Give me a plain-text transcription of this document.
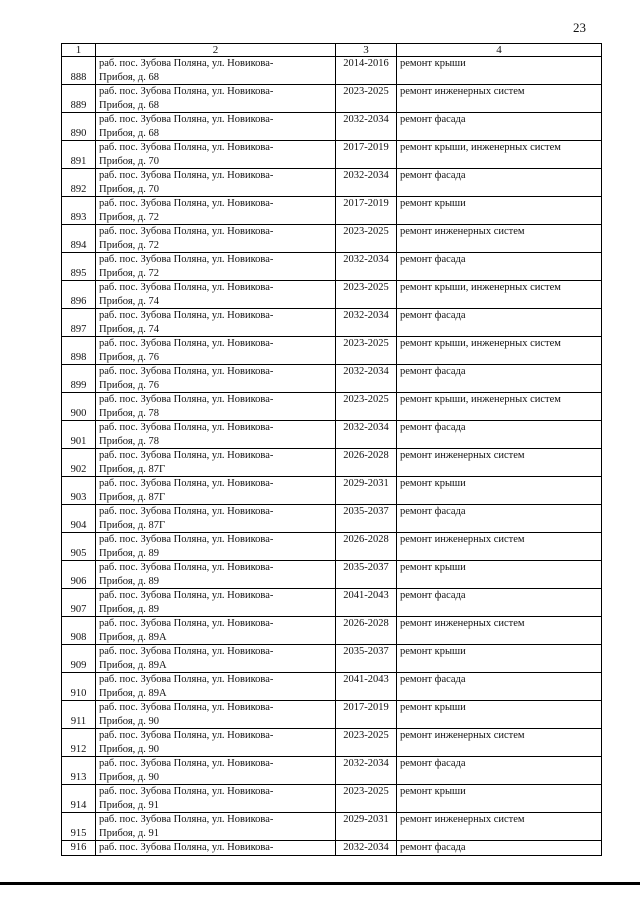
23
1	2	3	4
888	раб. пос. Зубова Поляна, ул. Новикова-
Прибоя, д. 68	2014-2016	ремонт крыши
889	раб. пос. Зубова Поляна, ул. Новикова-
Прибоя, д. 68	2023-2025	ремонт инженерных систем
890	раб. пос. Зубова Поляна, ул. Новикова-
Прибоя, д. 68	2032-2034	ремонт фасада
891	раб. пос. Зубова Поляна, ул. Новикова-
Прибоя, д. 70	2017-2019	ремонт крыши, инженерных систем
892	раб. пос. Зубова Поляна, ул. Новикова-
Прибоя, д. 70	2032-2034	ремонт фасада
893	раб. пос. Зубова Поляна, ул. Новикова-
Прибоя, д. 72	2017-2019	ремонт крыши
894	раб. пос. Зубова Поляна, ул. Новикова-
Прибоя, д. 72	2023-2025	ремонт инженерных систем
895	раб. пос. Зубова Поляна, ул. Новикова-
Прибоя, д. 72	2032-2034	ремонт фасада
896	раб. пос. Зубова Поляна, ул. Новикова-
Прибоя, д. 74	2023-2025	ремонт крыши, инженерных систем
897	раб. пос. Зубова Поляна, ул. Новикова-
Прибоя, д. 74	2032-2034	ремонт фасада
898	раб. пос. Зубова Поляна, ул. Новикова-
Прибоя, д. 76	2023-2025	ремонт крыши, инженерных систем
899	раб. пос. Зубова Поляна, ул. Новикова-
Прибоя, д. 76	2032-2034	ремонт фасада
900	раб. пос. Зубова Поляна, ул. Новикова-
Прибоя, д. 78	2023-2025	ремонт крыши, инженерных систем
901	раб. пос. Зубова Поляна, ул. Новикова-
Прибоя, д. 78	2032-2034	ремонт фасада
902	раб. пос. Зубова Поляна, ул. Новикова-
Прибоя, д. 87Г	2026-2028	ремонт инженерных систем
903	раб. пос. Зубова Поляна, ул. Новикова-
Прибоя, д. 87Г	2029-2031	ремонт крыши
904	раб. пос. Зубова Поляна, ул. Новикова-
Прибоя, д. 87Г	2035-2037	ремонт фасада
905	раб. пос. Зубова Поляна, ул. Новикова-
Прибоя, д. 89	2026-2028	ремонт инженерных систем
906	раб. пос. Зубова Поляна, ул. Новикова-
Прибоя, д. 89	2035-2037	ремонт крыши
907	раб. пос. Зубова Поляна, ул. Новикова-
Прибоя, д. 89	2041-2043	ремонт фасада
908	раб. пос. Зубова Поляна, ул. Новикова-
Прибоя, д. 89А	2026-2028	ремонт инженерных систем
909	раб. пос. Зубова Поляна, ул. Новикова-
Прибоя, д. 89А	2035-2037	ремонт крыши
910	раб. пос. Зубова Поляна, ул. Новикова-
Прибоя, д. 89А	2041-2043	ремонт фасада
911	раб. пос. Зубова Поляна, ул. Новикова-
Прибоя, д. 90	2017-2019	ремонт крыши
912	раб. пос. Зубова Поляна, ул. Новикова-
Прибоя, д. 90	2023-2025	ремонт инженерных систем
913	раб. пос. Зубова Поляна, ул. Новикова-
Прибоя, д. 90	2032-2034	ремонт фасада
914	раб. пос. Зубова Поляна, ул. Новикова-
Прибоя, д. 91	2023-2025	ремонт крыши
915	раб. пос. Зубова Поляна, ул. Новикова-
Прибоя, д. 91	2029-2031	ремонт инженерных систем
916	раб. пос. Зубова Поляна, ул. Новикова-	2032-2034	ремонт фасада
